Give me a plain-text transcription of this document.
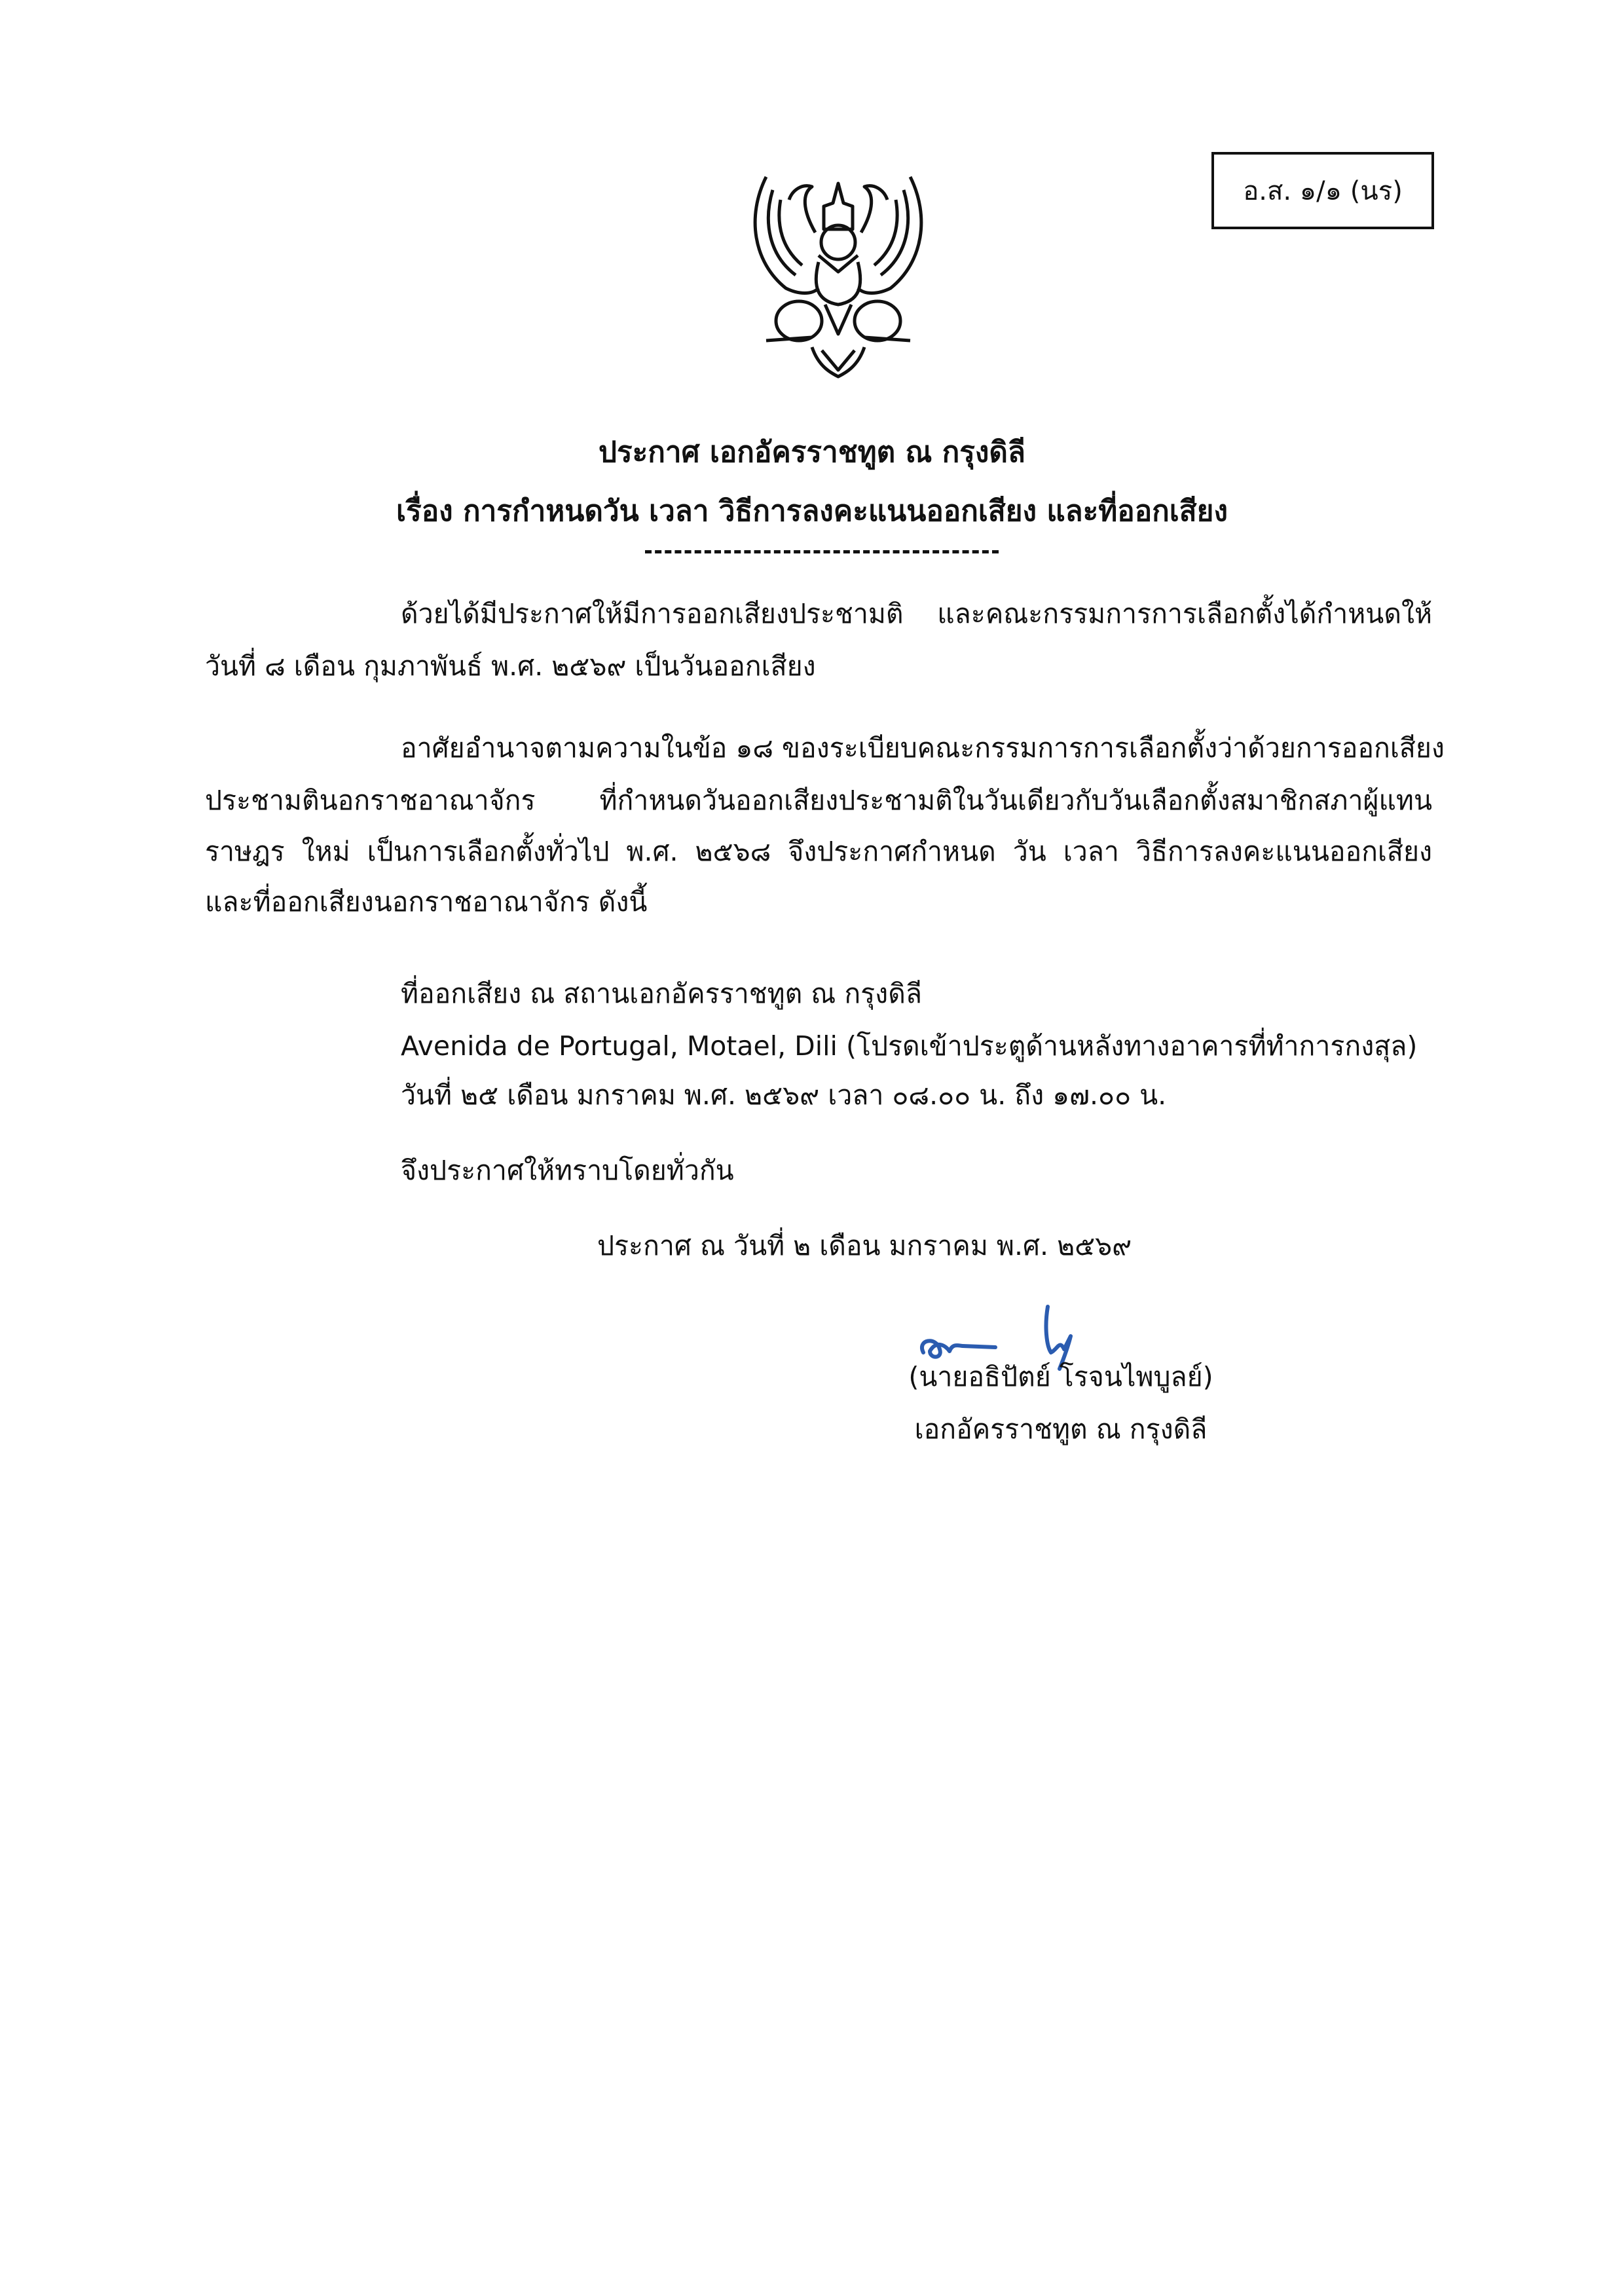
อ.ส. ๑/๑ (นร)
ประกาศ เอกอัครราชทูต ณ กรุงดิลี
เรื่อง การกำหนดวัน เวลา วิธีการลงคะแนนออกเสียง และที่ออกเสียง
ด้วยได้มีประกาศให้มีการออกเสียงประชามติ และคณะกรรมการการเลือกตั้งได้กำหนดให้
วันที่ ๘ เดือน กุมภาพันธ์ พ.ศ. ๒๕๖๙ เป็นวันออกเสียง
อาศัยอำนาจตามความในข้อ ๑๘ ของระเบียบคณะกรรมการการเลือกตั้งว่าด้วยการออกเสียง
ประชามตินอกราชอาณาจักร ที่กำหนดวันออกเสียงประชามติในวันเดียวกับวันเลือกตั้งสมาชิกสภาผู้แทน
ราษฎร ใหม่ เป็นการเลือกตั้งทั่วไป พ.ศ. ๒๕๖๘ จึงประกาศกำหนด วัน เวลา วิธีการลงคะแนนออกเสียง
และที่ออกเสียงนอกราชอาณาจักร ดังนี้
ที่ออกเสียง ณ สถานเอกอัครราชทูต ณ กรุงดิลี
Avenida de Portugal, Motael, Dili (โปรดเข้าประตูด้านหลังทางอาคารที่ทำการกงสุล)
วันที่ ๒๕ เดือน มกราคม พ.ศ. ๒๕๖๙ เวลา ๐๘.๐๐ น. ถึง ๑๗.๐๐ น.
จึงประกาศให้ทราบโดยทั่วกัน
ประกาศ ณ วันที่ ๒ เดือน มกราคม พ.ศ. ๒๕๖๙
(นายอธิปัตย์ โรจนไพบูลย์)
เอกอัครราชทูต ณ กรุงดิลี
